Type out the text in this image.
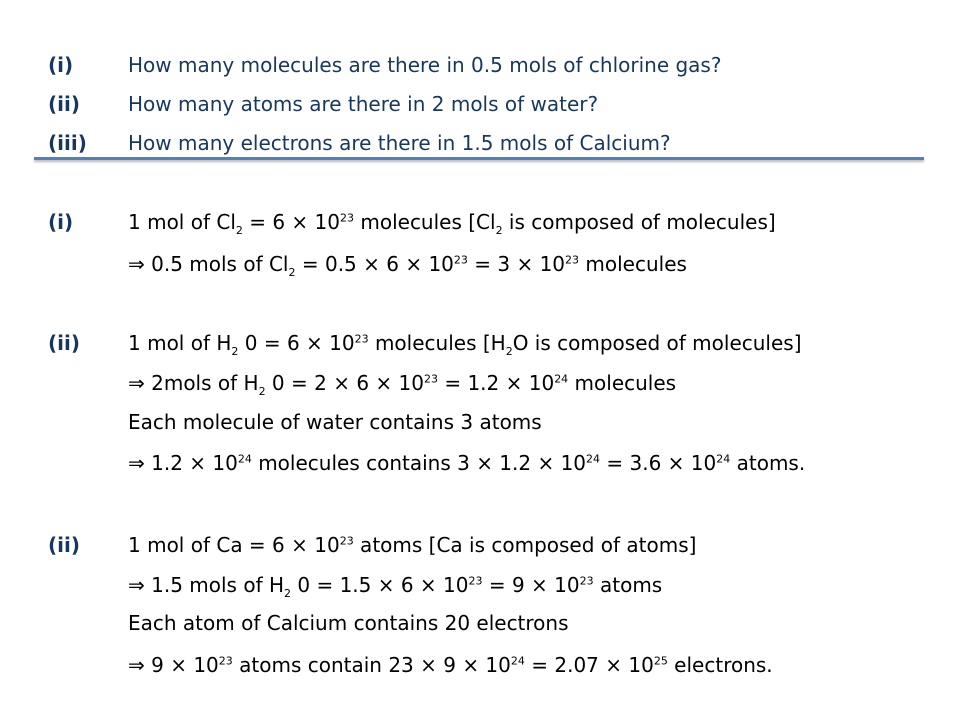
(i)	How many molecules are there in 0.5 mols of chlorine gas?
(ii) How many atoms are there in 2 mols of water?
(iii) How many electrons are there in 1.5 mols of Calcium?
(i)	1 mol of $Cl_2 = 6 \times 10^{23}$ molecules [$Cl_2$ is composed of molecules]
⇒ 0.5 mols of $Cl_2 = 0.5 \times 6 \times 10^{23} = 3 \times 10^{23}$ molecules
(ii) 1 mol of $H_2$ $0 = 6 \times 10^{23}$ molecules [$H_2O$ is composed of molecules]
⇒ 2mols of $H_2$ $0 = 2 \times 6 \times 10^{23} = 1.2 \times 10^{24}$ molecules
Each molecule of water contains 3 atoms
⇒ $1.2 \times 10^{24}$ molecules contains $3 \times 1.2 \times 10^{24} = 3.6 \times 10^{24}$ atoms.
(ii) 1 mol of $Ca = 6 \times 10^{23}$ atoms [Ca is composed of atoms]
⇒ 1.5 mols of $H_2$ $0 = 1.5 \times 6 \times 10^{23} = 9 \times 10^{23}$ atoms
Each atom of Calcium contains 20 electrons
⇒ $9 \times 10^{23}$ atoms contain $23 \times 9 \times 10^{24} = 2.07 \times 10^{25}$ electrons.
